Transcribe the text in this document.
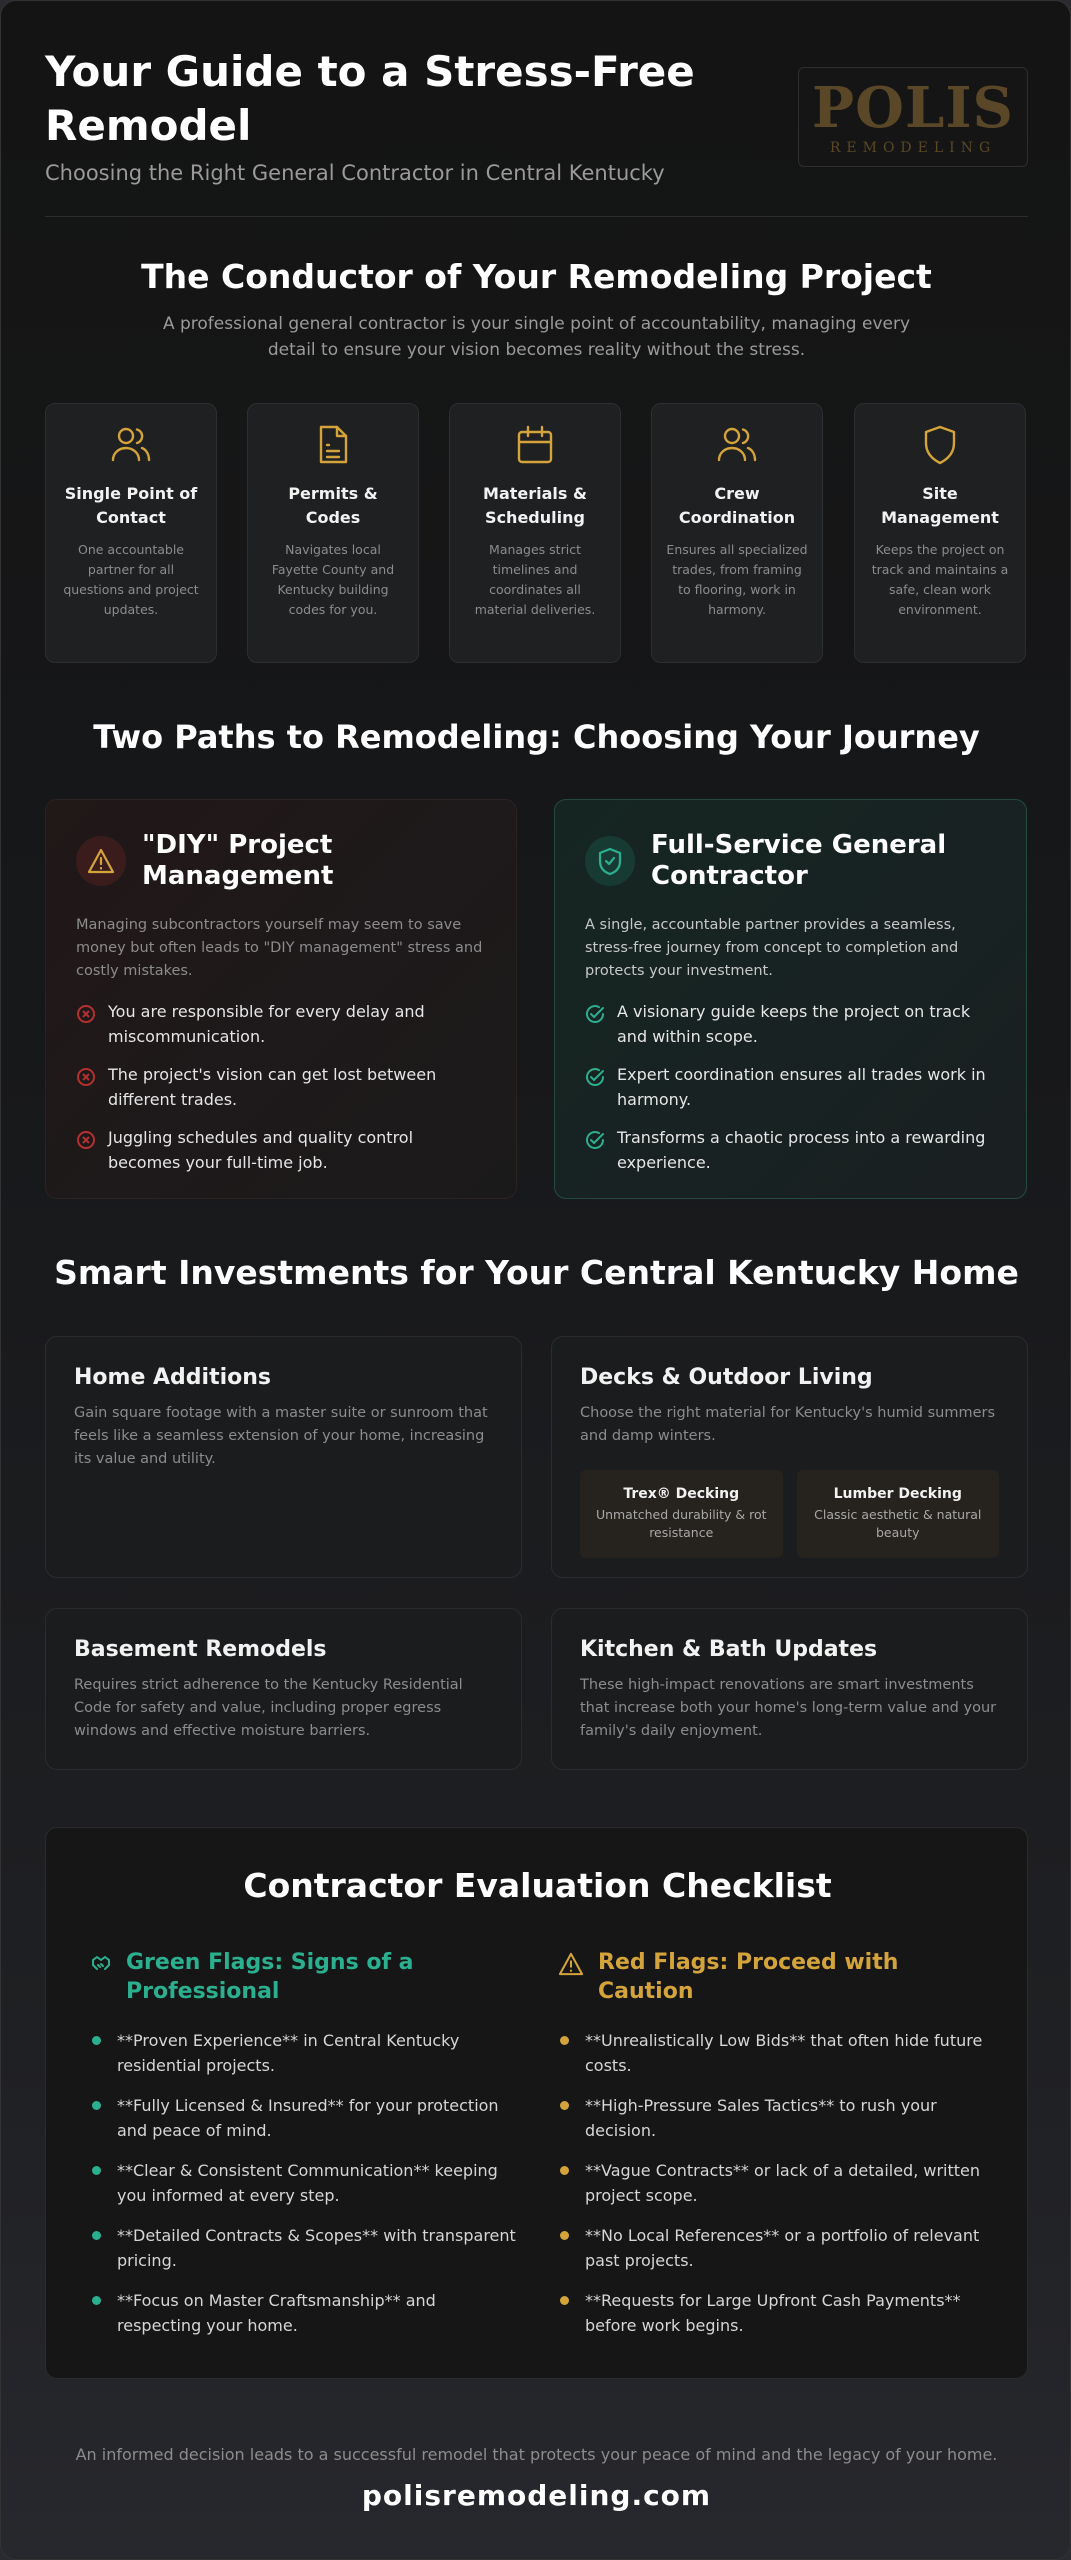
Your Guide to a Stress-Free Remodel
Choosing the Right General Contractor in Central Kentucky
POLIS
REMODELING
The Conductor of Your Remodeling Project
A professional general contractor is your single point of accountability, managing every detail to ensure your vision becomes reality without the stress.
Single Point of Contact
One accountable partner for all questions and project updates.
Permits & Codes
Navigates local Fayette County and Kentucky building codes for you.
Materials & Scheduling
Manages strict timelines and coordinates all material deliveries.
Crew Coordination
Ensures all specialized trades, from framing to flooring, work in harmony.
Site Management
Keeps the project on track and maintains a safe, clean work environment.
Two Paths to Remodeling: Choosing Your Journey
"DIY" Project Management
Managing subcontractors yourself may seem to save money but often leads to "DIY management" stress and costly mistakes.
You are responsible for every delay and miscommunication.
The project's vision can get lost between different trades.
Juggling schedules and quality control becomes your full-time job.
Full-Service General Contractor
A single, accountable partner provides a seamless, stress-free journey from concept to completion and protects your investment.
A visionary guide keeps the project on track and within scope.
Expert coordination ensures all trades work in harmony.
Transforms a chaotic process into a rewarding experience.
Smart Investments for Your Central Kentucky Home
Home Additions
Gain square footage with a master suite or sunroom that feels like a seamless extension of your home, increasing its value and utility.
Decks & Outdoor Living
Choose the right material for Kentucky's humid summers and damp winters.
Trex® Decking
Unmatched durability & rot resistance
Lumber Decking
Classic aesthetic & natural beauty
Basement Remodels
Requires strict adherence to the Kentucky Residential Code for safety and value, including proper egress windows and effective moisture barriers.
Kitchen & Bath Updates
These high-impact renovations are smart investments that increase both your home's long-term value and your family's daily enjoyment.
Contractor Evaluation Checklist
Green Flags: Signs of a Professional
**Proven Experience** in Central Kentucky residential projects.
**Fully Licensed & Insured** for your protection and peace of mind.
**Clear & Consistent Communication** keeping you informed at every step.
**Detailed Contracts & Scopes** with transparent pricing.
**Focus on Master Craftsmanship** and respecting your home.
Red Flags: Proceed with Caution
**Unrealistically Low Bids** that often hide future costs.
**High-Pressure Sales Tactics** to rush your decision.
**Vague Contracts** or lack of a detailed, written project scope.
**No Local References** or a portfolio of relevant past projects.
**Requests for Large Upfront Cash Payments** before work begins.
An informed decision leads to a successful remodel that protects your peace of mind and the legacy of your home.
polisremodeling.com
